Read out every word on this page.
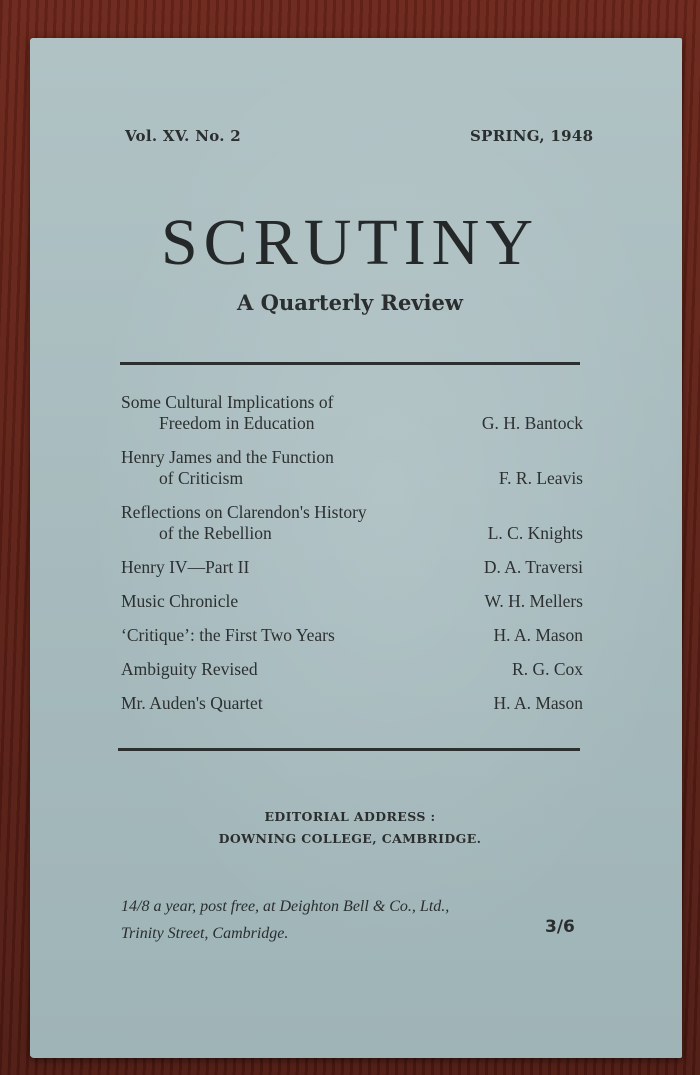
Vol. XV. No. 2	SPRING, 1948
SCRUTINY
A Quarterly Review
Some Cultural Implications of
Freedom in Education	G. H. Bantock
Henry James and the Function
of Criticism	F. R. Leavis
Reflections on Clarendon's History
of the Rebellion	L. C. Knights
Henry IV—Part II	D. A. Traversi
Music Chronicle	W. H. Mellers
‘Critique’: the First Two Years	H. A. Mason
Ambiguity Revised	R. G. Cox
Mr. Auden's Quartet	H. A. Mason
EDITORIAL ADDRESS :
DOWNING COLLEGE, CAMBRIDGE.
14/8 a year, post free, at Deighton Bell & Co., Ltd.,
Trinity Street, Cambridge.	3/6
